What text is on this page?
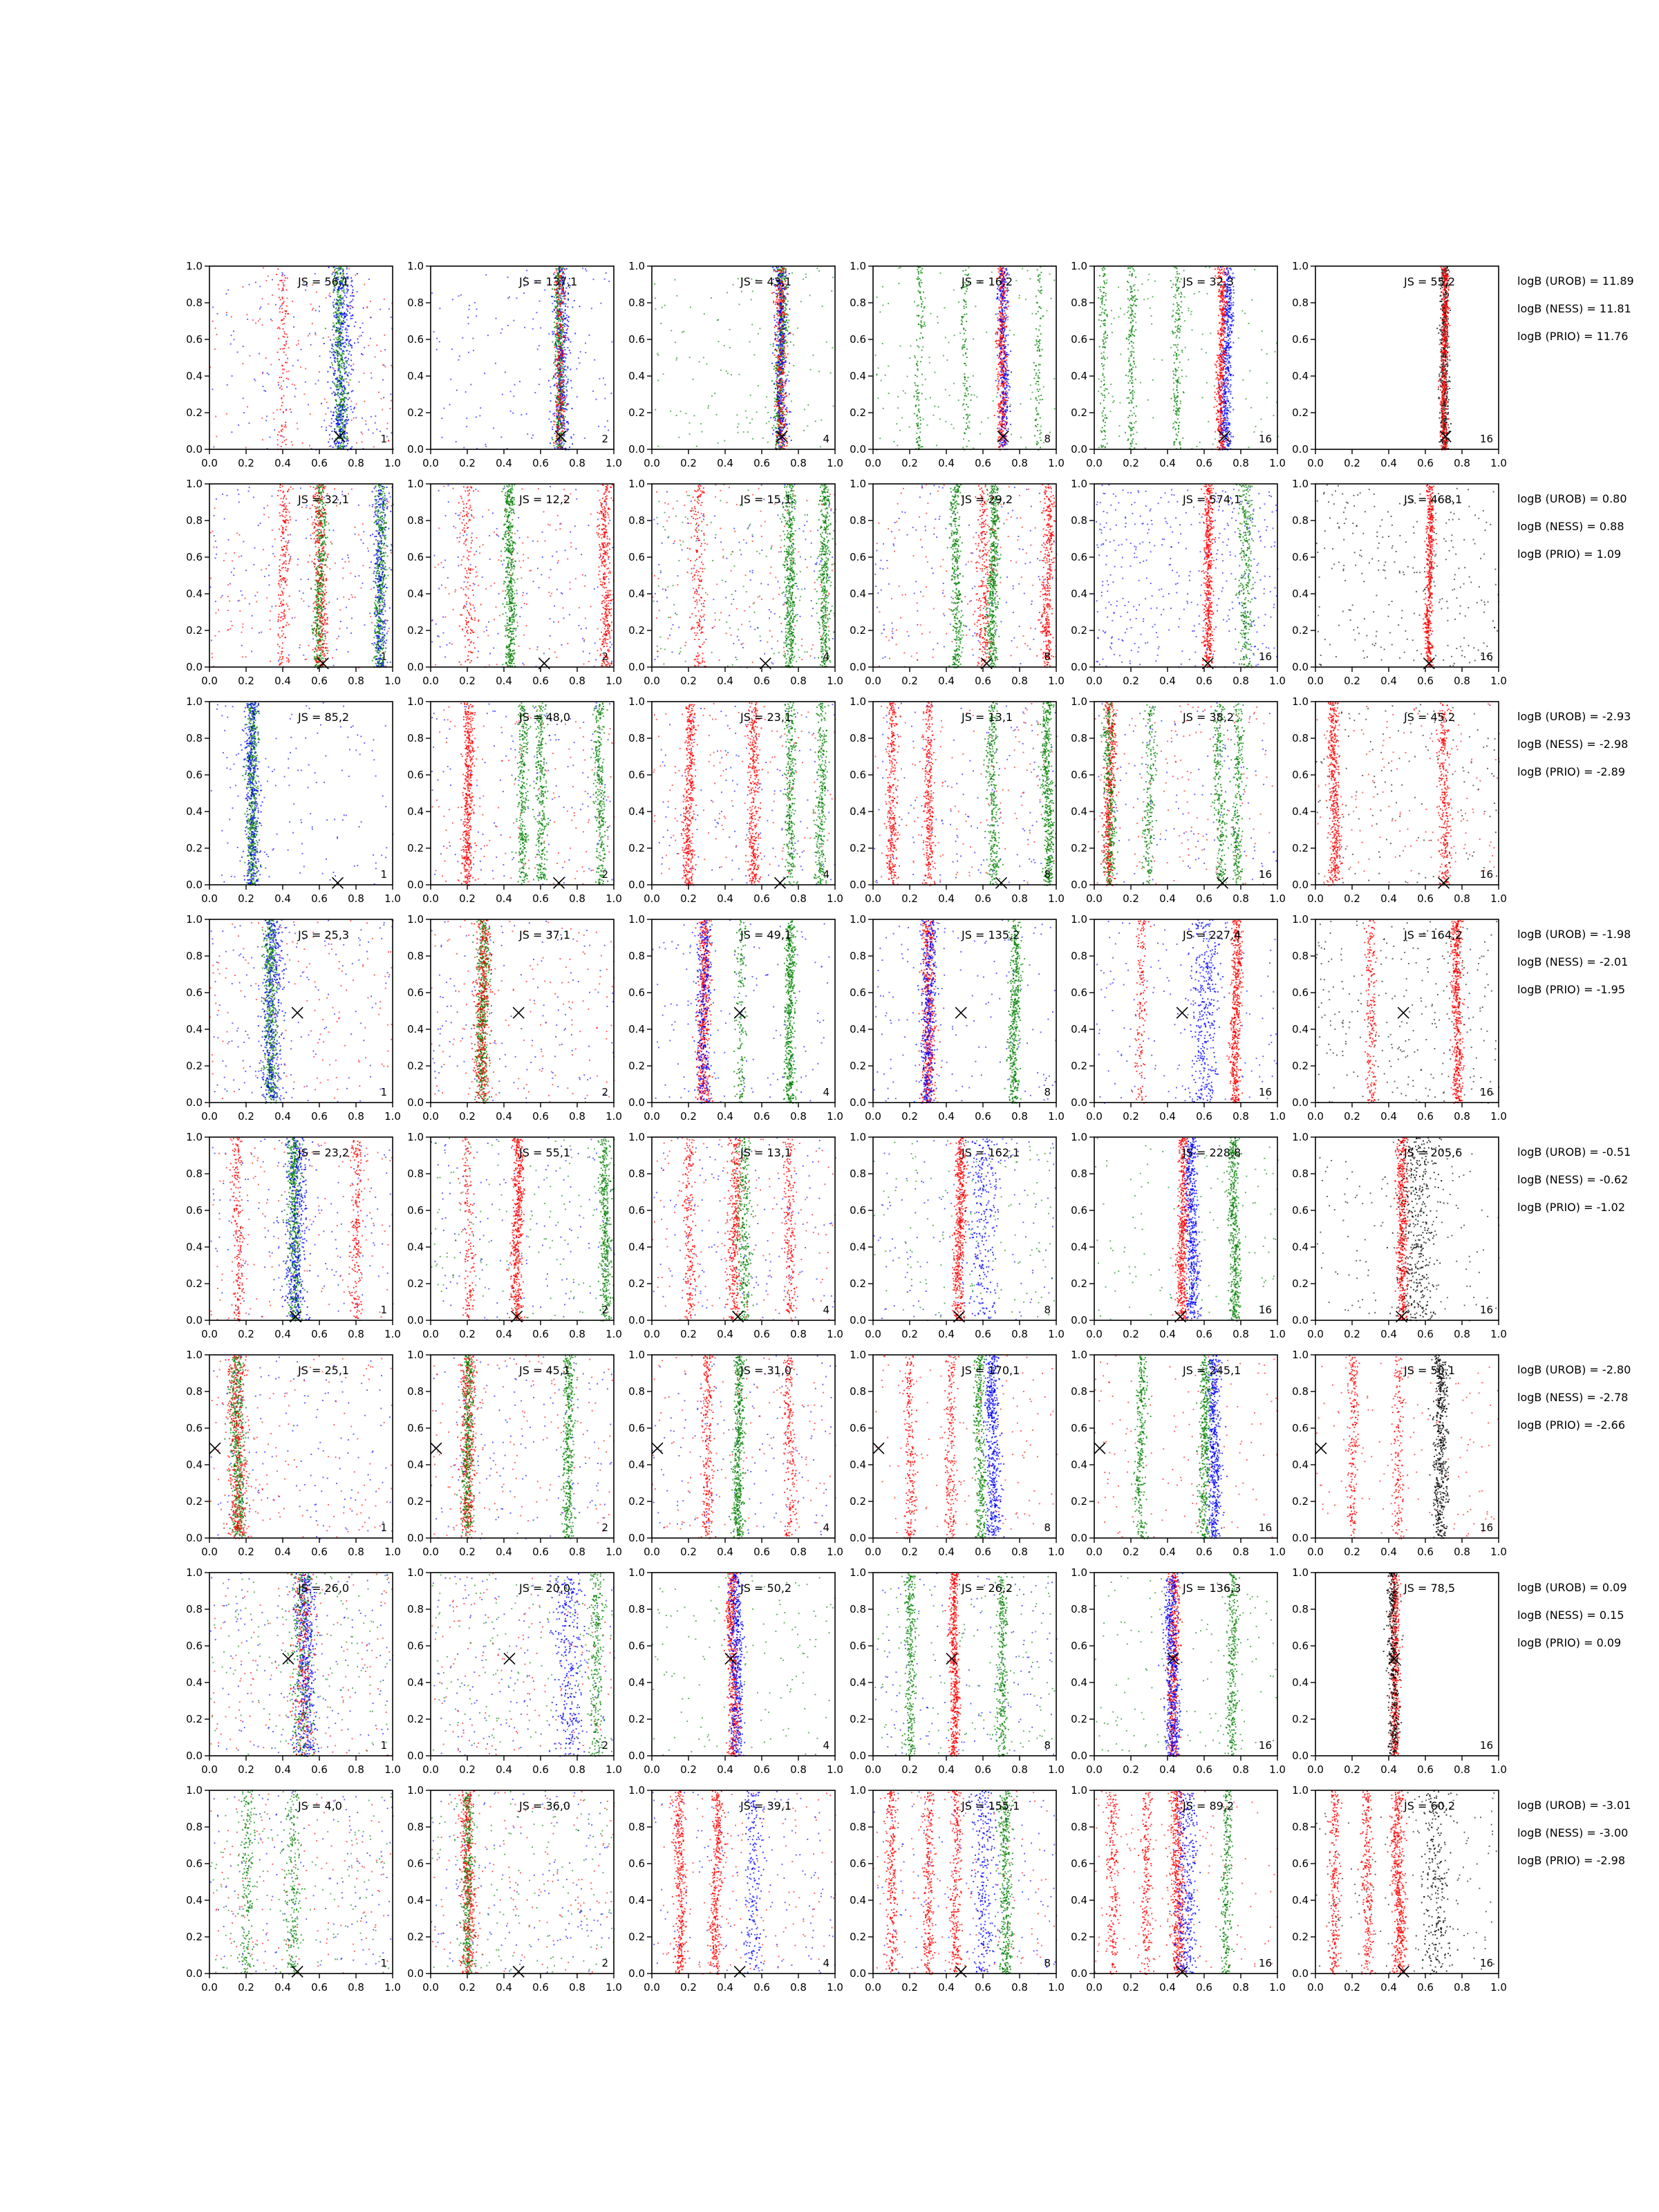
0.0 0.2 0.4 0.6 0.8 1.0
0.0
0.2
0.4
0.6
0.8
1.0
JS = 56,1
1
0.0 0.2 0.4 0.6 0.8 1.0
0.0
0.2
0.4
0.6
0.8
1.0
JS = 137,1
2
0.0 0.2 0.4 0.6 0.8 1.0
0.0
0.2
0.4
0.6
0.8
1.0
JS = 43,1
4
0.0 0.2 0.4 0.6 0.8 1.0
0.0
0.2
0.4
0.6
0.8
1.0
JS = 16,2
8
0.0 0.2 0.4 0.6 0.8 1.0
0.0
0.2
0.4
0.6
0.8
1.0
JS = 32,3
16
0.0 0.2 0.4 0.6 0.8 1.0
0.0
0.2
0.4
0.6
0.8
1.0
JS = 55,2
16
logB (UROB) = 11.89
logB (NESS) = 11.81
logB (PRIO) = 11.76
0.0 0.2 0.4 0.6 0.8 1.0
0.0
0.2
0.4
0.6
0.8
1.0
JS = 32,1
1
0.0 0.2 0.4 0.6 0.8 1.0
0.0
0.2
0.4
0.6
0.8
1.0
JS = 12,2
2
0.0 0.2 0.4 0.6 0.8 1.0
0.0
0.2
0.4
0.6
0.8
1.0
JS = 15,1
4
0.0 0.2 0.4 0.6 0.8 1.0
0.0
0.2
0.4
0.6
0.8
1.0
JS = 29,2
8
0.0 0.2 0.4 0.6 0.8 1.0
0.0
0.2
0.4
0.6
0.8
1.0
JS = 574,1
16
0.0 0.2 0.4 0.6 0.8 1.0
0.0
0.2
0.4
0.6
0.8
1.0
JS = 468,1
16
logB (UROB) = 0.80
logB (NESS) = 0.88
logB (PRIO) = 1.09
0.0 0.2 0.4 0.6 0.8 1.0
0.0
0.2
0.4
0.6
0.8
1.0
JS = 85,2
1
0.0 0.2 0.4 0.6 0.8 1.0
0.0
0.2
0.4
0.6
0.8
1.0
JS = 48,0
2
0.0 0.2 0.4 0.6 0.8 1.0
0.0
0.2
0.4
0.6
0.8
1.0
JS = 23,1
4
0.0 0.2 0.4 0.6 0.8 1.0
0.0
0.2
0.4
0.6
0.8
1.0
JS = 13,1
8
0.0 0.2 0.4 0.6 0.8 1.0
0.0
0.2
0.4
0.6
0.8
1.0
JS = 38,2
16
0.0 0.2 0.4 0.6 0.8 1.0
0.0
0.2
0.4
0.6
0.8
1.0
JS = 45,2
16
logB (UROB) = -2.93
logB (NESS) = -2.98
logB (PRIO) = -2.89
0.0 0.2 0.4 0.6 0.8 1.0
0.0
0.2
0.4
0.6
0.8
1.0
JS = 25,3
1
0.0 0.2 0.4 0.6 0.8 1.0
0.0
0.2
0.4
0.6
0.8
1.0
JS = 37,1
2
0.0 0.2 0.4 0.6 0.8 1.0
0.0
0.2
0.4
0.6
0.8
1.0
JS = 49,1
4
0.0 0.2 0.4 0.6 0.8 1.0
0.0
0.2
0.4
0.6
0.8
1.0
JS = 135,2
8
0.0 0.2 0.4 0.6 0.8 1.0
0.0
0.2
0.4
0.6
0.8
1.0
JS = 227,4
16
0.0 0.2 0.4 0.6 0.8 1.0
0.0
0.2
0.4
0.6
0.8
1.0
JS = 164,2
16
logB (UROB) = -1.98
logB (NESS) = -2.01
logB (PRIO) = -1.95
0.0 0.2 0.4 0.6 0.8 1.0
0.0
0.2
0.4
0.6
0.8
1.0
JS = 23,2
1
0.0 0.2 0.4 0.6 0.8 1.0
0.0
0.2
0.4
0.6
0.8
1.0
JS = 55,1
2
0.0 0.2 0.4 0.6 0.8 1.0
0.0
0.2
0.4
0.6
0.8
1.0
JS = 13,1
4
0.0 0.2 0.4 0.6 0.8 1.0
0.0
0.2
0.4
0.6
0.8
1.0
JS = 162,1
8
0.0 0.2 0.4 0.6 0.8 1.0
0.0
0.2
0.4
0.6
0.8
1.0
JS = 228,8
16
0.0 0.2 0.4 0.6 0.8 1.0
0.0
0.2
0.4
0.6
0.8
1.0
JS = 205,6
16
logB (UROB) = -0.51
logB (NESS) = -0.62
logB (PRIO) = -1.02
0.0 0.2 0.4 0.6 0.8 1.0
0.0
0.2
0.4
0.6
0.8
1.0
JS = 25,1
1
0.0 0.2 0.4 0.6 0.8 1.0
0.0
0.2
0.4
0.6
0.8
1.0
JS = 45,1
2
0.0 0.2 0.4 0.6 0.8 1.0
0.0
0.2
0.4
0.6
0.8
1.0
JS = 31,0
4
0.0 0.2 0.4 0.6 0.8 1.0
0.0
0.2
0.4
0.6
0.8
1.0
JS = 170,1
8
0.0 0.2 0.4 0.6 0.8 1.0
0.0
0.2
0.4
0.6
0.8
1.0
JS = 245,1
16
0.0 0.2 0.4 0.6 0.8 1.0
0.0
0.2
0.4
0.6
0.8
1.0
JS = 50,1
16
logB (UROB) = -2.80
logB (NESS) = -2.78
logB (PRIO) = -2.66
0.0 0.2 0.4 0.6 0.8 1.0
0.0
0.2
0.4
0.6
0.8
1.0
JS = 26,0
1
0.0 0.2 0.4 0.6 0.8 1.0
0.0
0.2
0.4
0.6
0.8
1.0
JS = 20,0
2
0.0 0.2 0.4 0.6 0.8 1.0
0.0
0.2
0.4
0.6
0.8
1.0
JS = 50,2
4
0.0 0.2 0.4 0.6 0.8 1.0
0.0
0.2
0.4
0.6
0.8
1.0
JS = 26,2
8
0.0 0.2 0.4 0.6 0.8 1.0
0.0
0.2
0.4
0.6
0.8
1.0
JS = 136,3
16
0.0 0.2 0.4 0.6 0.8 1.0
0.0
0.2
0.4
0.6
0.8
1.0
JS = 78,5
16
logB (UROB) = 0.09
logB (NESS) = 0.15
logB (PRIO) = 0.09
0.0 0.2 0.4 0.6 0.8 1.0
0.0
0.2
0.4
0.6
0.8
1.0
JS = 4,0
1
0.0 0.2 0.4 0.6 0.8 1.0
0.0
0.2
0.4
0.6
0.8
1.0
JS = 36,0
2
0.0 0.2 0.4 0.6 0.8 1.0
0.0
0.2
0.4
0.6
0.8
1.0
JS = 39,1
4
0.0 0.2 0.4 0.6 0.8 1.0
0.0
0.2
0.4
0.6
0.8
1.0
JS = 155,1
8
0.0 0.2 0.4 0.6 0.8 1.0
0.0
0.2
0.4
0.6
0.8
1.0
JS = 89,2
16
0.0 0.2 0.4 0.6 0.8 1.0
0.0
0.2
0.4
0.6
0.8
1.0
JS = 60,2
16
logB (UROB) = -3.01
logB (NESS) = -3.00
logB (PRIO) = -2.98
